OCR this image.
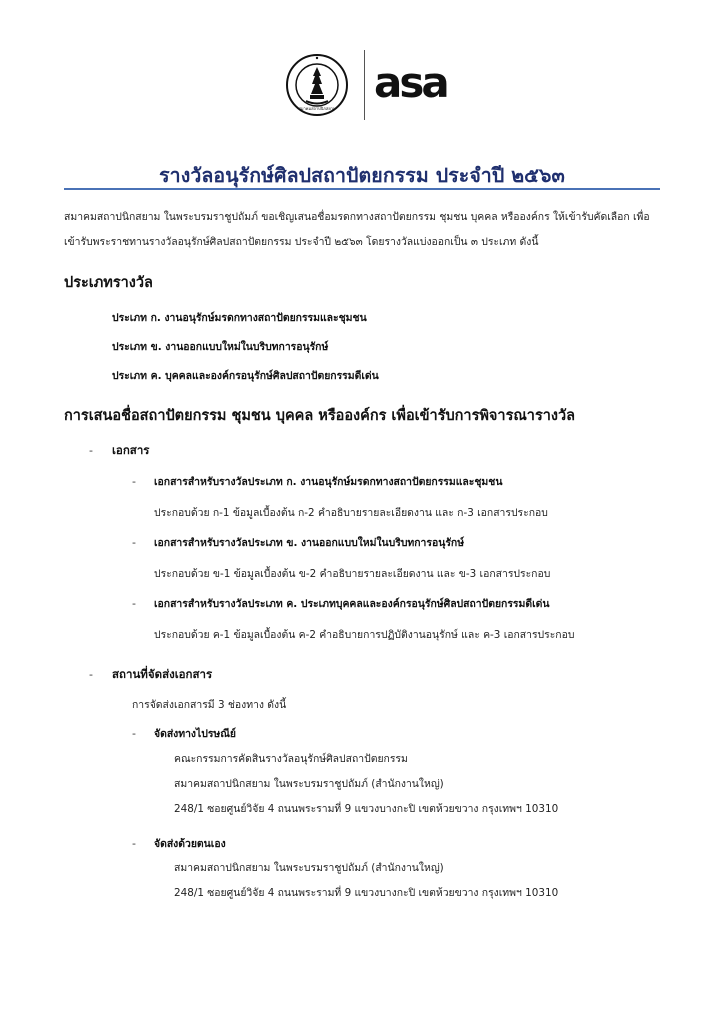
สมาคมสถาปนิกสยาม
asa
รางวัลอนุรักษ์ศิลปสถาปัตยกรรม ประจำปี ๒๕๖๓
สมาคมสถาปนิกสยาม ในพระบรมราชูปถัมภ์ ขอเชิญเสนอชื่อมรดกทางสถาปัตยกรรม ชุมชน บุคคล หรือองค์กร ให้เข้ารับคัดเลือก เพื่อ
เข้ารับพระราชทานรางวัลอนุรักษ์ศิลปสถาปัตยกรรม ประจำปี ๒๕๖๓ โดยรางวัลแบ่งออกเป็น ๓ ประเภท ดังนี้
ประเภทรางวัล
ประเภท ก. งานอนุรักษ์มรดกทางสถาปัตยกรรมและชุมชน
ประเภท ข. งานออกแบบใหม่ในบริบทการอนุรักษ์
ประเภท ค. บุคคลและองค์กรอนุรักษ์ศิลปสถาปัตยกรรมดีเด่น
การเสนอชื่อสถาปัตยกรรม ชุมชน บุคคล หรือองค์กร เพื่อเข้ารับการพิจารณารางวัล
- เอกสาร
- เอกสารสำหรับรางวัลประเภท ก. งานอนุรักษ์มรดกทางสถาปัตยกรรมและชุมชน
ประกอบด้วย ก-1 ข้อมูลเบื้องต้น ก-2 คำอธิบายรายละเอียดงาน และ ก-3 เอกสารประกอบ
- เอกสารสำหรับรางวัลประเภท ข. งานออกแบบใหม่ในบริบทการอนุรักษ์
ประกอบด้วย ข-1 ข้อมูลเบื้องต้น ข-2 คำอธิบายรายละเอียดงาน และ ข-3 เอกสารประกอบ
- เอกสารสำหรับรางวัลประเภท ค. ประเภทบุคคลและองค์กรอนุรักษ์ศิลปสถาปัตยกรรมดีเด่น
ประกอบด้วย ค-1 ข้อมูลเบื้องต้น ค-2 คำอธิบายการปฏิบัติงานอนุรักษ์ และ ค-3 เอกสารประกอบ
- สถานที่จัดส่งเอกสาร
การจัดส่งเอกสารมี 3 ช่องทาง ดังนี้
- จัดส่งทางไปรษณีย์
คณะกรรมการคัดสินรางวัลอนุรักษ์ศิลปสถาปัตยกรรม
สมาคมสถาปนิกสยาม ในพระบรมราชูปถัมภ์ (สำนักงานใหญ่)
248/1 ซอยศูนย์วิจัย 4 ถนนพระรามที่ 9 แขวงบางกะปิ เขตห้วยขวาง กรุงเทพฯ 10310
- จัดส่งด้วยตนเอง
สมาคมสถาปนิกสยาม ในพระบรมราชูปถัมภ์ (สำนักงานใหญ่)
248/1 ซอยศูนย์วิจัย 4 ถนนพระรามที่ 9 แขวงบางกะปิ เขตห้วยขวาง กรุงเทพฯ 10310
